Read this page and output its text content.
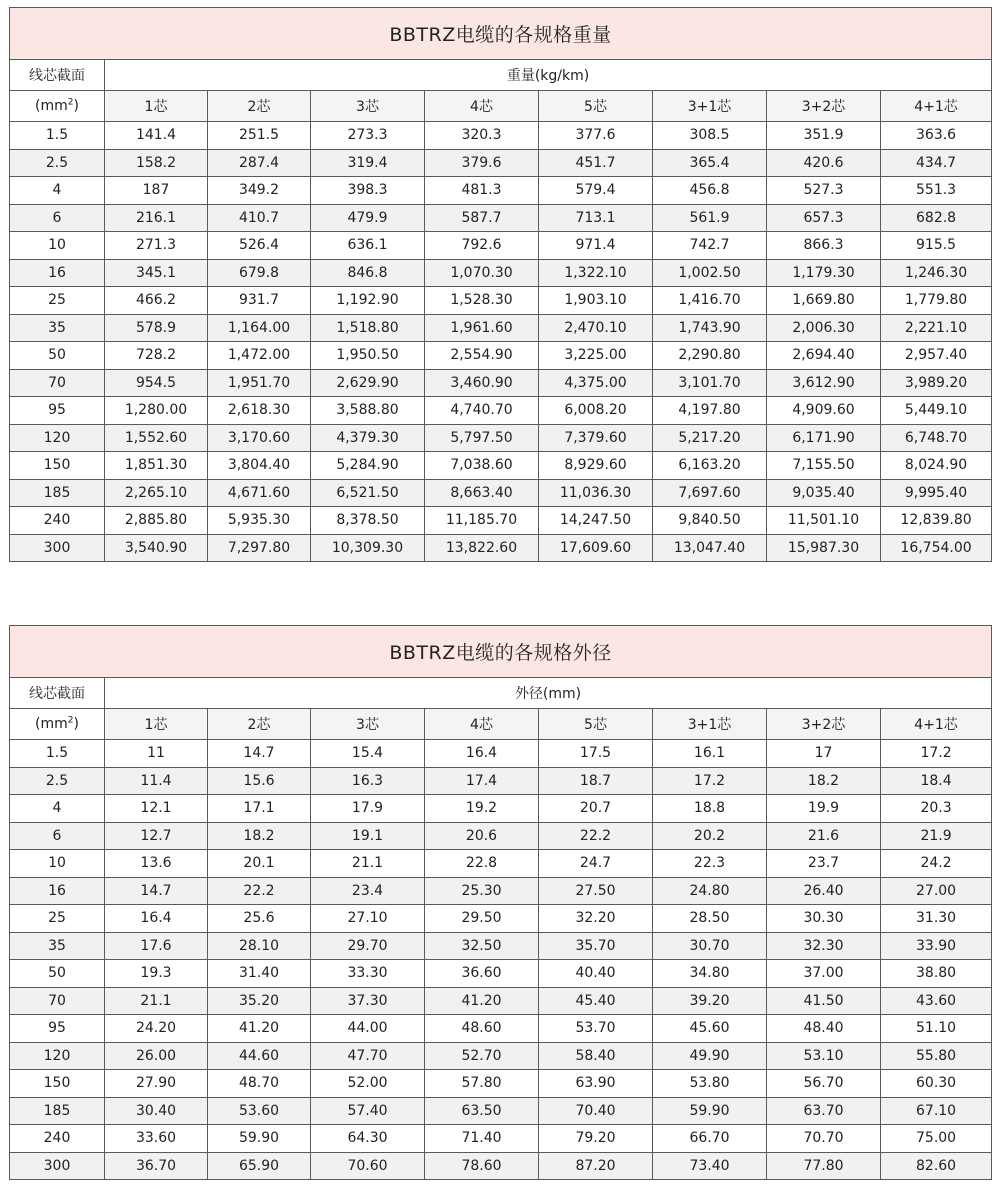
BBTRZ电缆的各规格重量								
线芯截面	重量(kg/km)							
$(mm^2)$	1芯	2芯	3芯	4芯	5芯	3+1芯	3+2芯	4+1芯
1.5	141.4	251.5	273.3	320.3	377.6	308.5	351.9	363.6
2.5	158.2	287.4	319.4	379.6	451.7	365.4	420.6	434.7
4	187	349.2	398.3	481.3	579.4	456.8	527.3	551.3
6	216.1	410.7	479.9	587.7	713.1	561.9	657.3	682.8
10	271.3	526.4	636.1	792.6	971.4	742.7	866.3	915.5
16	345.1	679.8	846.8	1,070.30	1,322.10	1,002.50	1,179.30	1,246.30
25	466.2	931.7	1,192.90	1,528.30	1,903.10	1,416.70	1,669.80	1,779.80
35	578.9	1,164.00	1,518.80	1,961.60	2,470.10	1,743.90	2,006.30	2,221.10
50	728.2	1,472.00	1,950.50	2,554.90	3,225.00	2,290.80	2,694.40	2,957.40
70	954.5	1,951.70	2,629.90	3,460.90	4,375.00	3,101.70	3,612.90	3,989.20
95	1,280.00	2,618.30	3,588.80	4,740.70	6,008.20	4,197.80	4,909.60	5,449.10
120	1,552.60	3,170.60	4,379.30	5,797.50	7,379.60	5,217.20	6,171.90	6,748.70
150	1,851.30	3,804.40	5,284.90	7,038.60	8,929.60	6,163.20	7,155.50	8,024.90
185	2,265.10	4,671.60	6,521.50	8,663.40	11,036.30	7,697.60	9,035.40	9,995.40
240	2,885.80	5,935.30	8,378.50	11,185.70	14,247.50	9,840.50	11,501.10	12,839.80
300	3,540.90	7,297.80	10,309.30	13,822.60	17,609.60	13,047.40	15,987.30	16,754.00
BBTRZ电缆的各规格外径								
线芯截面	外径(mm)							
$(mm^2)$	1芯	2芯	3芯	4芯	5芯	3+1芯	3+2芯	4+1芯
1.5	11	14.7	15.4	16.4	17.5	16.1	17	17.2
2.5	11.4	15.6	16.3	17.4	18.7	17.2	18.2	18.4
4	12.1	17.1	17.9	19.2	20.7	18.8	19.9	20.3
6	12.7	18.2	19.1	20.6	22.2	20.2	21.6	21.9
10	13.6	20.1	21.1	22.8	24.7	22.3	23.7	24.2
16	14.7	22.2	23.4	25.30	27.50	24.80	26.40	27.00
25	16.4	25.6	27.10	29.50	32.20	28.50	30.30	31.30
35	17.6	28.10	29.70	32.50	35.70	30.70	32.30	33.90
50	19.3	31.40	33.30	36.60	40.40	34.80	37.00	38.80
70	21.1	35.20	37.30	41.20	45.40	39.20	41.50	43.60
95	24.20	41.20	44.00	48.60	53.70	45.60	48.40	51.10
120	26.00	44.60	47.70	52.70	58.40	49.90	53.10	55.80
150	27.90	48.70	52.00	57.80	63.90	53.80	56.70	60.30
185	30.40	53.60	57.40	63.50	70.40	59.90	63.70	67.10
240	33.60	59.90	64.30	71.40	79.20	66.70	70.70	75.00
300	36.70	65.90	70.60	78.60	87.20	73.40	77.80	82.60
